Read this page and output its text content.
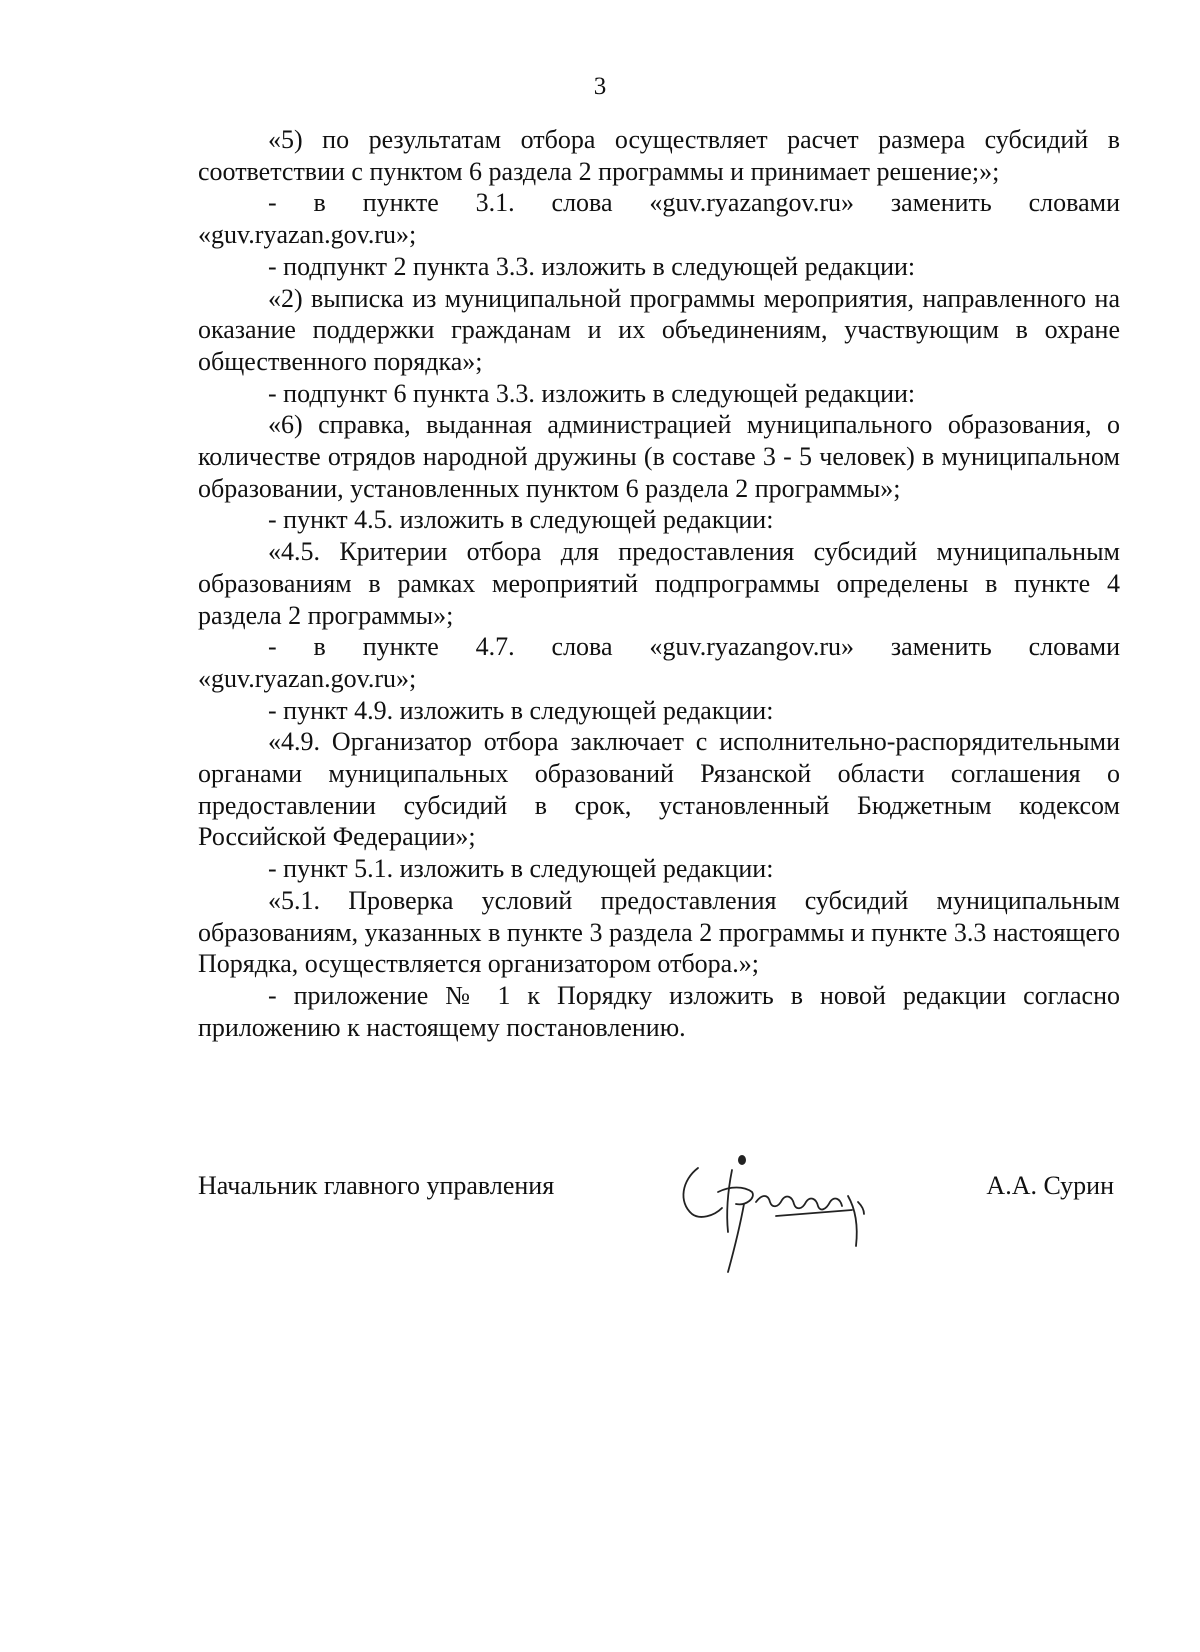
3

«5) по результатам отбора осуществляет расчет размера субсидий в соответствии с пунктом 6 раздела 2 программы и принимает решение;»;

- в пункте 3.1. слова «guv.ryazangov.ru» заменить словами «guv.ryazan.gov.ru»;

- подпункт 2 пункта 3.3. изложить в следующей редакции:

«2) выписка из муниципальной программы мероприятия, направленного на оказание поддержки гражданам и их объединениям, участвующим в охране общественного порядка»;

- подпункт 6 пункта 3.3. изложить в следующей редакции:

«6) справка, выданная администрацией муниципального образования, о количестве отрядов народной дружины (в составе 3 - 5 человек) в муниципальном образовании, установленных пунктом 6 раздела 2 программы»;

- пункт 4.5. изложить в следующей редакции:

«4.5. Критерии отбора для предоставления субсидий муниципальным образованиям в рамках мероприятий подпрограммы определены в пункте 4 раздела 2 программы»;

- в пункте 4.7. слова «guv.ryazangov.ru» заменить словами «guv.ryazan.gov.ru»;

- пункт 4.9. изложить в следующей редакции:

«4.9. Организатор отбора заключает с исполнительно-распорядительными органами муниципальных образований Рязанской области соглашения о предоставлении субсидий в срок, установленный Бюджетным кодексом Российской Федерации»;

- пункт 5.1. изложить в следующей редакции:

«5.1. Проверка условий предоставления субсидий муниципальным образованиям, указанных в пункте 3 раздела 2 программы и пункте 3.3 настоящего Порядка, осуществляется организатором отбора.»;

- приложение № 1 к Порядку изложить в новой редакции согласно приложению к настоящему постановлению.

Начальник главного управления	А.А. Сурин
